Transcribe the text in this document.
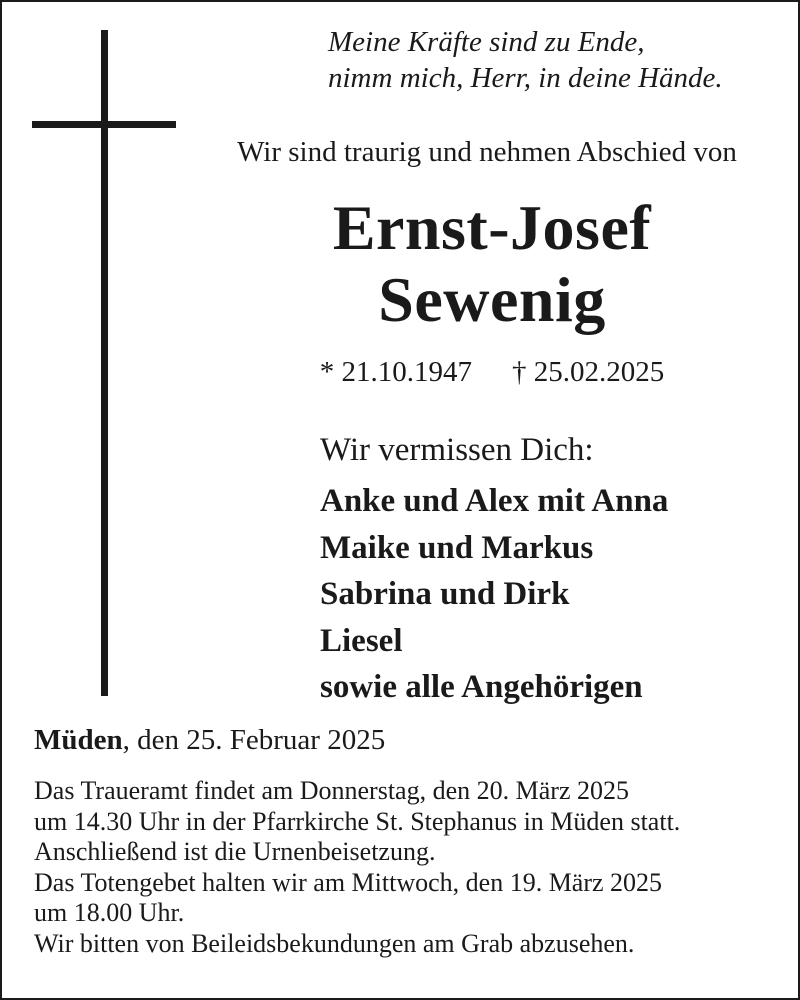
Meine Kräfte sind zu Ende,
nimm mich, Herr, in deine Hände.
Wir sind traurig und nehmen Abschied von
Ernst-Josef
Sewenig
* 21.10.1947 † 25.02.2025
Wir vermissen Dich:
Anke und Alex mit Anna
Maike und Markus
Sabrina und Dirk
Liesel
sowie alle Angehörigen
Müden, den 25. Februar 2025
Das Traueramt findet am Donnerstag, den 20. März 2025
um 14.30 Uhr in der Pfarrkirche St. Stephanus in Müden statt.
Anschließend ist die Urnenbeisetzung.
Das Totengebet halten wir am Mittwoch, den 19. März 2025
um 18.00 Uhr.
Wir bitten von Beileidsbekundungen am Grab abzusehen.
